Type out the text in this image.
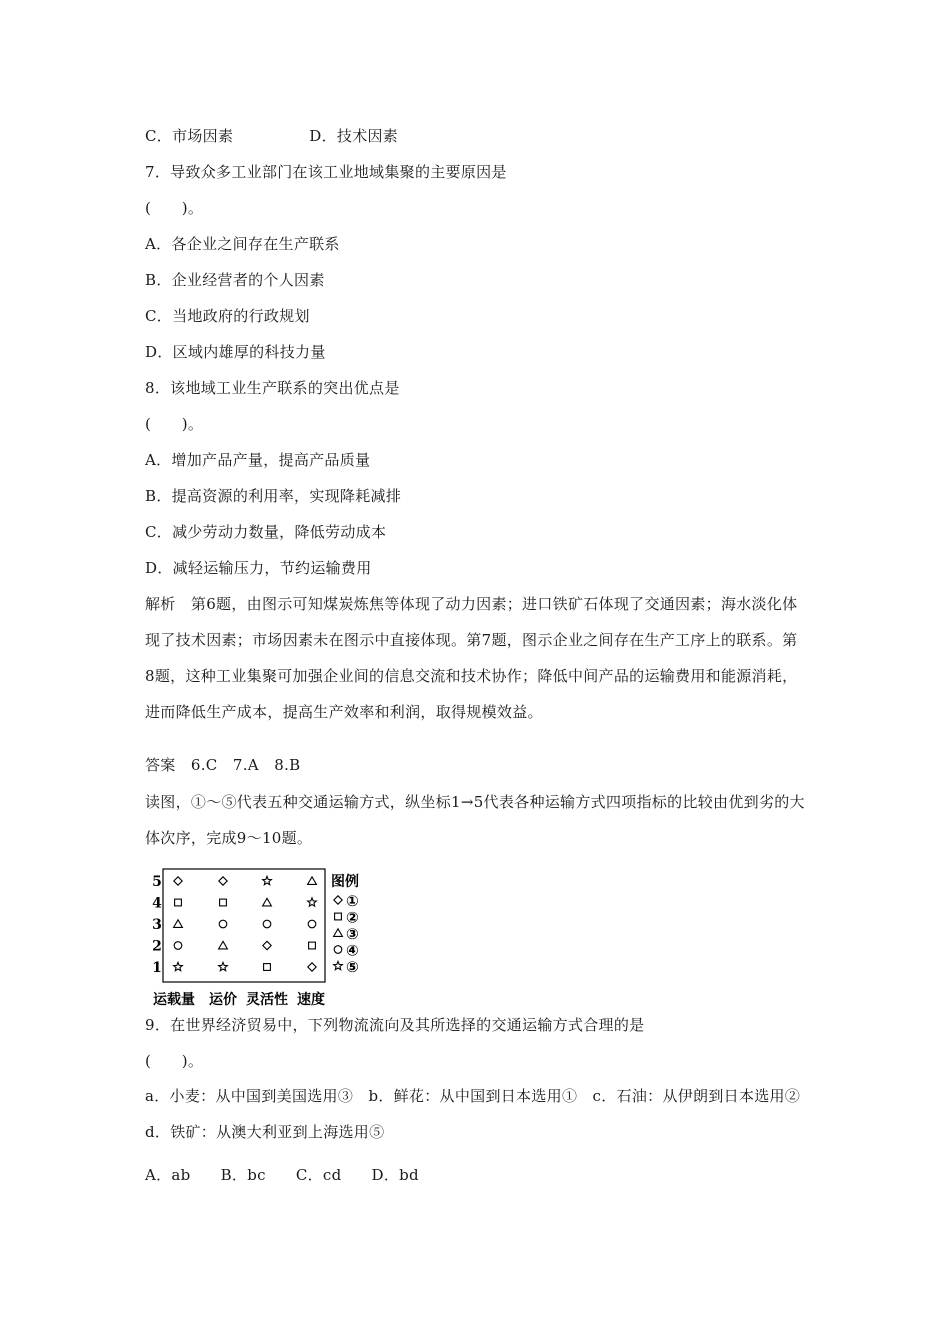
C．市场因素	D．技术因素
7．导致众多工业部门在该工业地域集聚的主要原因是
(　　)。
A．各企业之间存在生产联系
B．企业经营者的个人因素
C．当地政府的行政规划
D．区域内雄厚的科技力量
8．该地域工业生产联系的突出优点是
(　　)。
A．增加产品产量，提高产品质量
B．提高资源的利用率，实现降耗减排
C．减少劳动力数量，降低劳动成本
D．减轻运输压力，节约运输费用
解析　第6题，由图示可知煤炭炼焦等体现了动力因素；进口铁矿石体现了交通因素；海水淡化体现了技术因素；市场因素未在图示中直接体现。第7题，图示企业之间存在生产工序上的联系。第8题，这种工业集聚可加强企业间的信息交流和技术协作；降低中间产品的运输费用和能源消耗，进而降低生产成本，提高生产效率和利润，取得规模效益。
答案　6.C　7.A　8.B
读图，①～⑤代表五种交通运输方式，纵坐标1→5代表各种运输方式四项指标的比较由优到劣的大体次序，完成9～10题。
1
2
3
4
5
运载量 运价 灵活性 速度
图例
①
②
③
④
⑤
9．在世界经济贸易中，下列物流流向及其所选择的交通运输方式合理的是
(　　)。
a．小麦：从中国到美国选用③　b．鲜花：从中国到日本选用①　c．石油：从伊朗到日本选用②　d．铁矿：从澳大利亚到上海选用⑤
A．ab B．bc C．cd D．bd
